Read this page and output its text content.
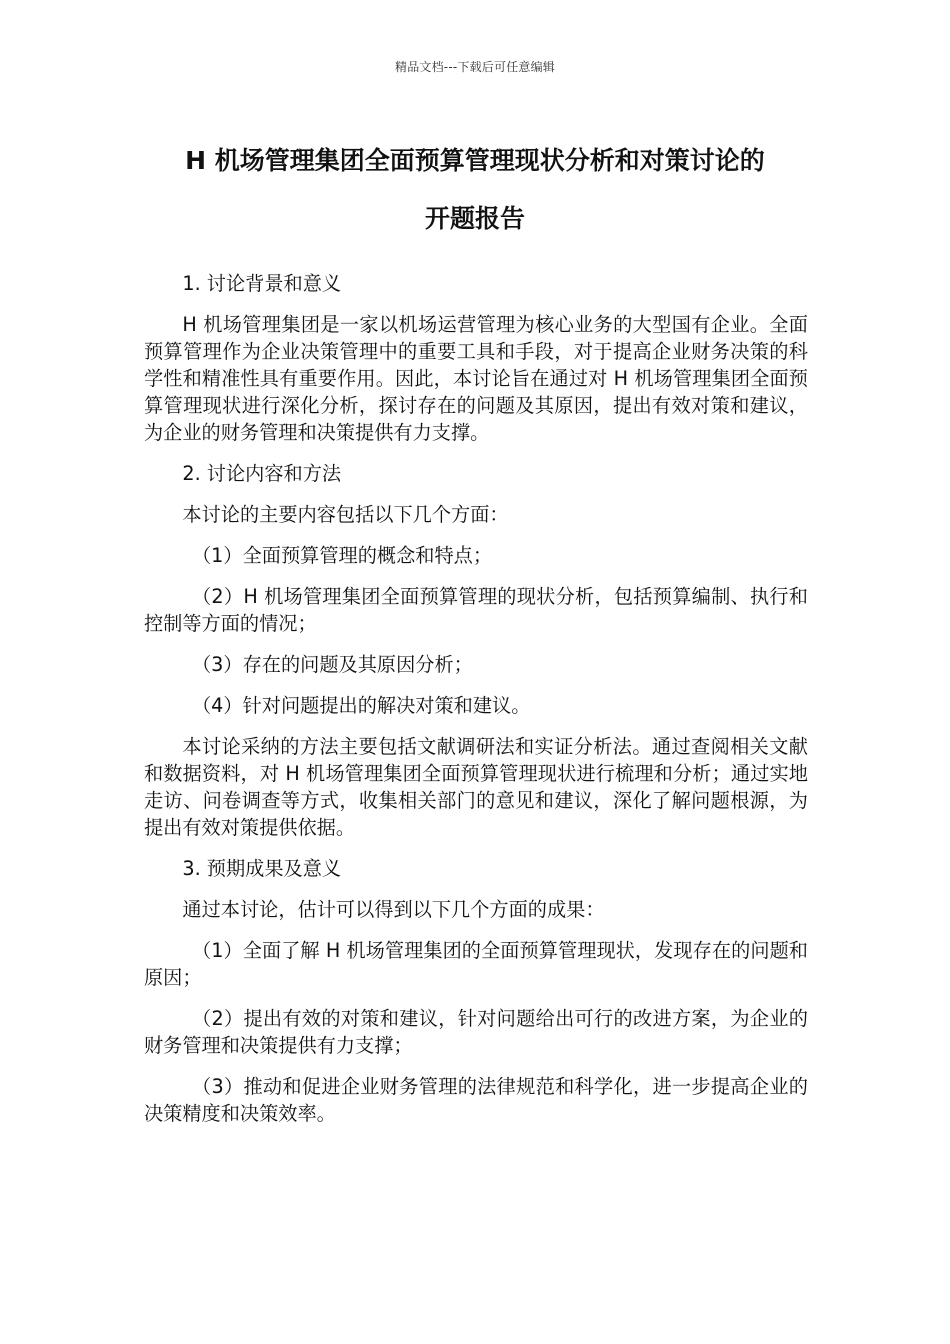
精品文档---下载后可任意编辑
H 机场管理集团全面预算管理现状分析和对策讨论的
开题报告

1. 讨论背景和意义

H 机场管理集团是一家以机场运营管理为核心业务的大型国有企业。全面预算管理作为企业决策管理中的重要工具和手段，对于提高企业财务决策的科学性和精准性具有重要作用。因此，本讨论旨在通过对 H 机场管理集团全面预算管理现状进行深化分析，探讨存在的问题及其原因，提出有效对策和建议，为企业的财务管理和决策提供有力支撑。

2. 讨论内容和方法

本讨论的主要内容包括以下几个方面：

（1）全面预算管理的概念和特点；

（2）H 机场管理集团全面预算管理的现状分析，包括预算编制、执行和控制等方面的情况；

（3）存在的问题及其原因分析；

（4）针对问题提出的解决对策和建议。

本讨论采纳的方法主要包括文献调研法和实证分析法。通过查阅相关文献和数据资料，对 H 机场管理集团全面预算管理现状进行梳理和分析；通过实地走访、问卷调查等方式，收集相关部门的意见和建议，深化了解问题根源，为提出有效对策提供依据。

3. 预期成果及意义

通过本讨论，估计可以得到以下几个方面的成果：

（1）全面了解 H 机场管理集团的全面预算管理现状，发现存在的问题和原因；

（2）提出有效的对策和建议，针对问题给出可行的改进方案，为企业的财务管理和决策提供有力支撑；

（3）推动和促进企业财务管理的法律规范和科学化，进一步提高企业的决策精度和决策效率。
